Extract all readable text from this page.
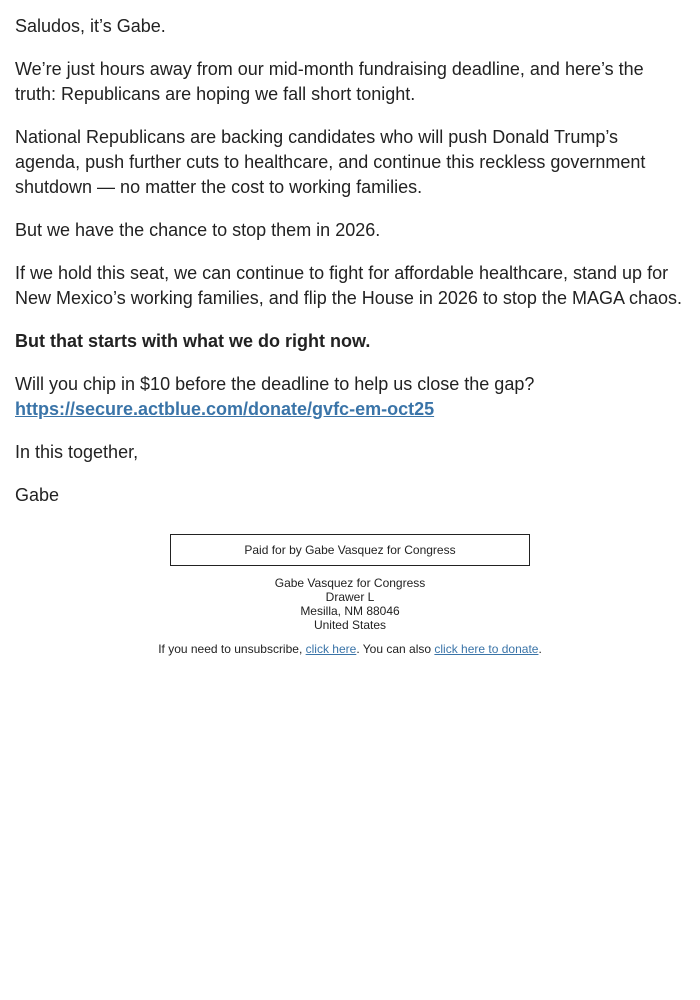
Saludos, it’s Gabe.

We’re just hours away from our mid-month fundraising deadline, and here’s the truth: Republicans are hoping we fall short tonight.

National Republicans are backing candidates who will push Donald Trump’s agenda, push further cuts to healthcare, and continue this reckless government shutdown — no matter the cost to working families.

But we have the chance to stop them in 2026.

If we hold this seat, we can continue to fight for affordable healthcare, stand up for New Mexico’s working families, and flip the House in 2026 to stop the MAGA chaos.

But that starts with what we do right now.

Will you chip in $10 before the deadline to help us close the gap?
https://secure.actblue.com/donate/gvfc-em-oct25

In this together,

Gabe

Paid for by Gabe Vasquez for Congress
Gabe Vasquez for Congress
Drawer L
Mesilla, NM 88046
United States
If you need to unsubscribe, click here. You can also click here to donate.
